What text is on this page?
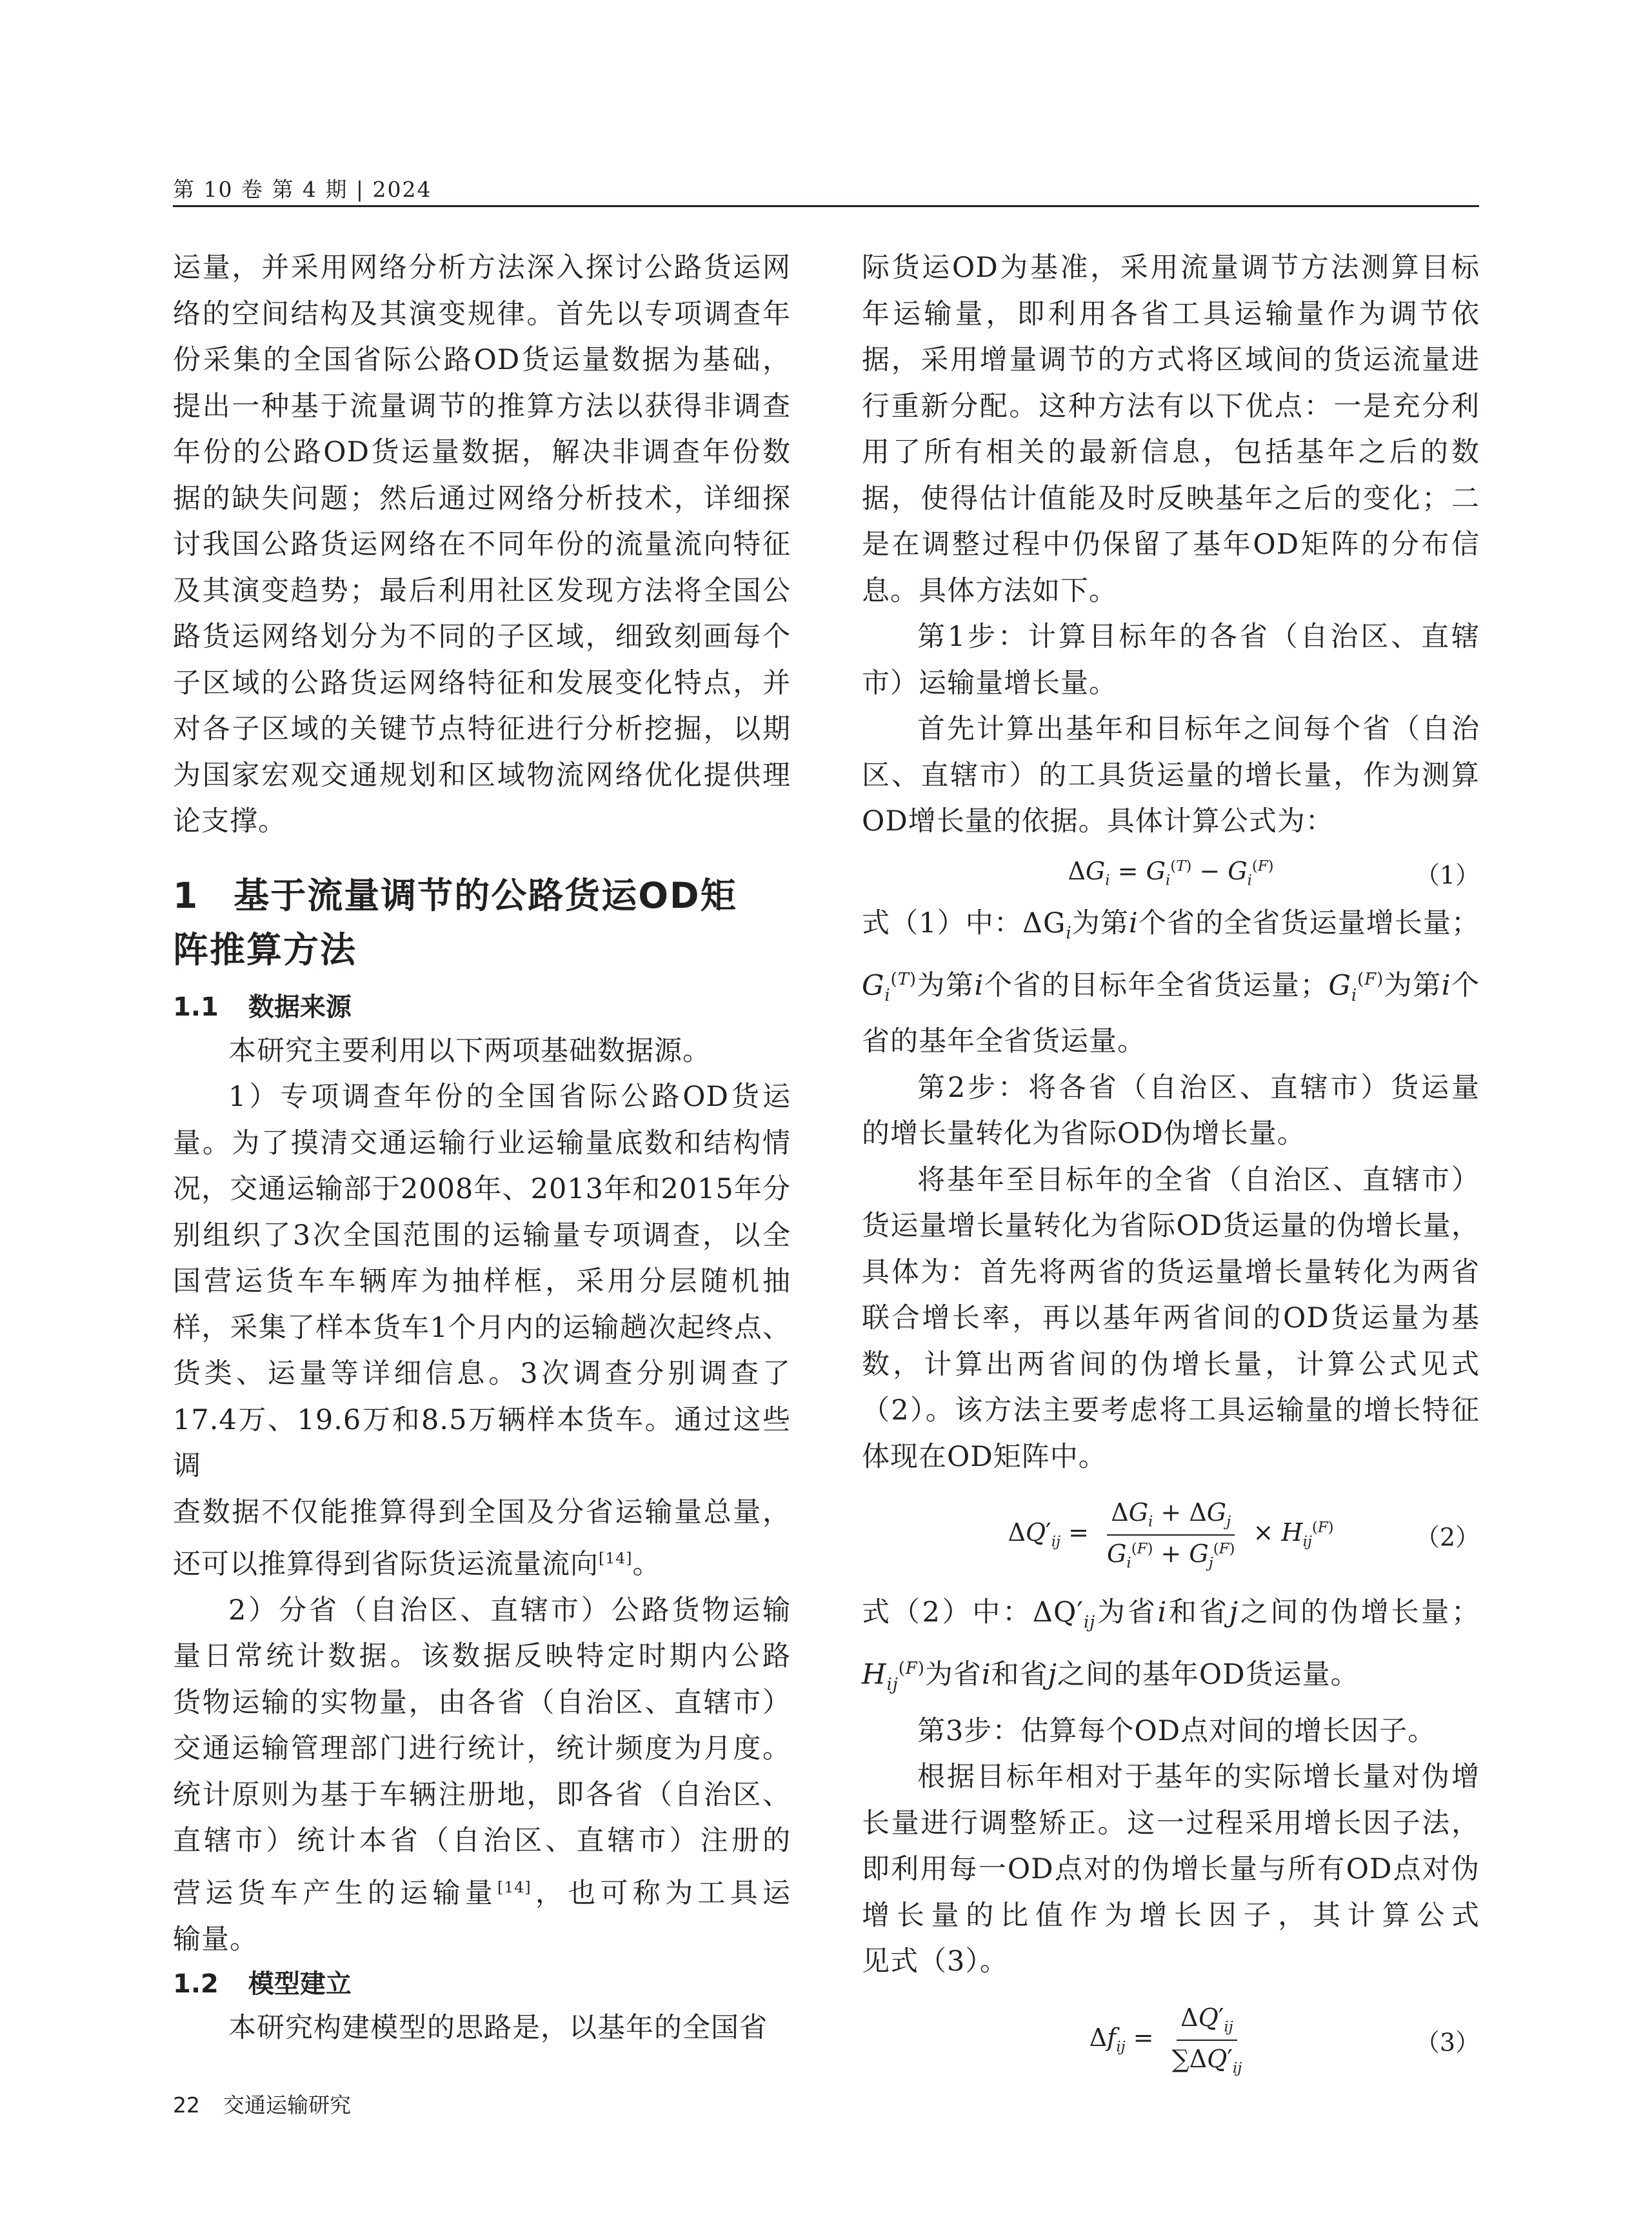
第 10 卷 第 4 期 | 2024

运量，并采用网络分析方法深入探讨公路货运网

络的空间结构及其演变规律。首先以专项调查年

份采集的全国省际公路OD货运量数据为基础，

提出一种基于流量调节的推算方法以获得非调查

年份的公路OD货运量数据，解决非调查年份数

据的缺失问题；然后通过网络分析技术，详细探

讨我国公路货运网络在不同年份的流量流向特征

及其演变趋势；最后利用社区发现方法将全国公

路货运网络划分为不同的子区域，细致刻画每个

子区域的公路货运网络特征和发展变化特点，并

对各子区域的关键节点特征进行分析挖掘，以期

为国家宏观交通规划和区域物流网络优化提供理

论支撑。

1 基于流量调节的公路货运OD矩
阵推算方法
1.1 数据来源

本研究主要利用以下两项基础数据源。

1）专项调查年份的全国省际公路OD货运

量。为了摸清交通运输行业运输量底数和结构情

况，交通运输部于2008年、2013年和2015年分

别组织了3次全国范围的运输量专项调查，以全

国营运货车车辆库为抽样框，采用分层随机抽

样，采集了样本货车1个月内的运输趟次起终点、

货类、运量等详细信息。3次调查分别调查了

17.4万、19.6万和8.5万辆样本货车。通过这些调

查数据不仅能推算得到全国及分省运输量总量，

还可以推算得到省际货运流量流向[14]。

2）分省（自治区、直辖市）公路货物运输

量日常统计数据。该数据反映特定时期内公路

货物运输的实物量，由各省（自治区、直辖市）

交通运输管理部门进行统计，统计频度为月度。

统计原则为基于车辆注册地，即各省（自治区、

直辖市）统计本省（自治区、直辖市）注册的

营运货车产生的运输量[14]，也可称为工具运

输量。

1.2 模型建立

本研究构建模型的思路是，以基年的全国省

际货运OD为基准，采用流量调节方法测算目标

年运输量，即利用各省工具运输量作为调节依

据，采用增量调节的方式将区域间的货运流量进

行重新分配。这种方法有以下优点：一是充分利

用了所有相关的最新信息，包括基年之后的数

据，使得估计值能及时反映基年之后的变化；二

是在调整过程中仍保留了基年OD矩阵的分布信

息。具体方法如下。

第1步：计算目标年的各省（自治区、直辖

市）运输量增长量。

首先计算出基年和目标年之间每个省（自治

区、直辖市）的工具货运量的增长量，作为测算

OD增长量的依据。具体计算公式为：

$\Delta G_i = G_i^{(T)} - G_i^{(F)}$	（1）

式（1）中：$\Delta G_i$为第i个省的全省货运量增长量；

$G_i^{(T)}$为第i个省的目标年全省货运量；$G_i^{(F)}$为第i个

省的基年全省货运量。

第2步：将各省（自治区、直辖市）货运量

的增长量转化为省际OD伪增长量。

将基年至目标年的全省（自治区、直辖市）

货运量增长量转化为省际OD货运量的伪增长量，

具体为：首先将两省的货运量增长量转化为两省

联合增长率，再以基年两省间的OD货运量为基

数，计算出两省间的伪增长量，计算公式见式

（2）。该方法主要考虑将工具运输量的增长特征

体现在OD矩阵中。

$\Delta Q'_{ij} = \frac{\Delta G_i + \Delta G_j}{G_i^{(F)} + G_j^{(F)}} \times H_{ij}^{(F)}$	（2）

式（2）中：$\Delta Q'_{ij}$为省i和省j之间的伪增长量；

$H_{ij}^{(F)}$为省i和省j之间的基年OD货运量。

第3步：估算每个OD点对间的增长因子。

根据目标年相对于基年的实际增长量对伪增

长量进行调整矫正。这一过程采用增长因子法，

即利用每一OD点对的伪增长量与所有OD点对伪

增长量的比值作为增长因子，其计算公式

见式（3）。

$\Delta f_{ij} = \frac{\Delta Q'_{ij}}{\sum\Delta Q'_{ij}}$	（3）
22 交通运输研究
